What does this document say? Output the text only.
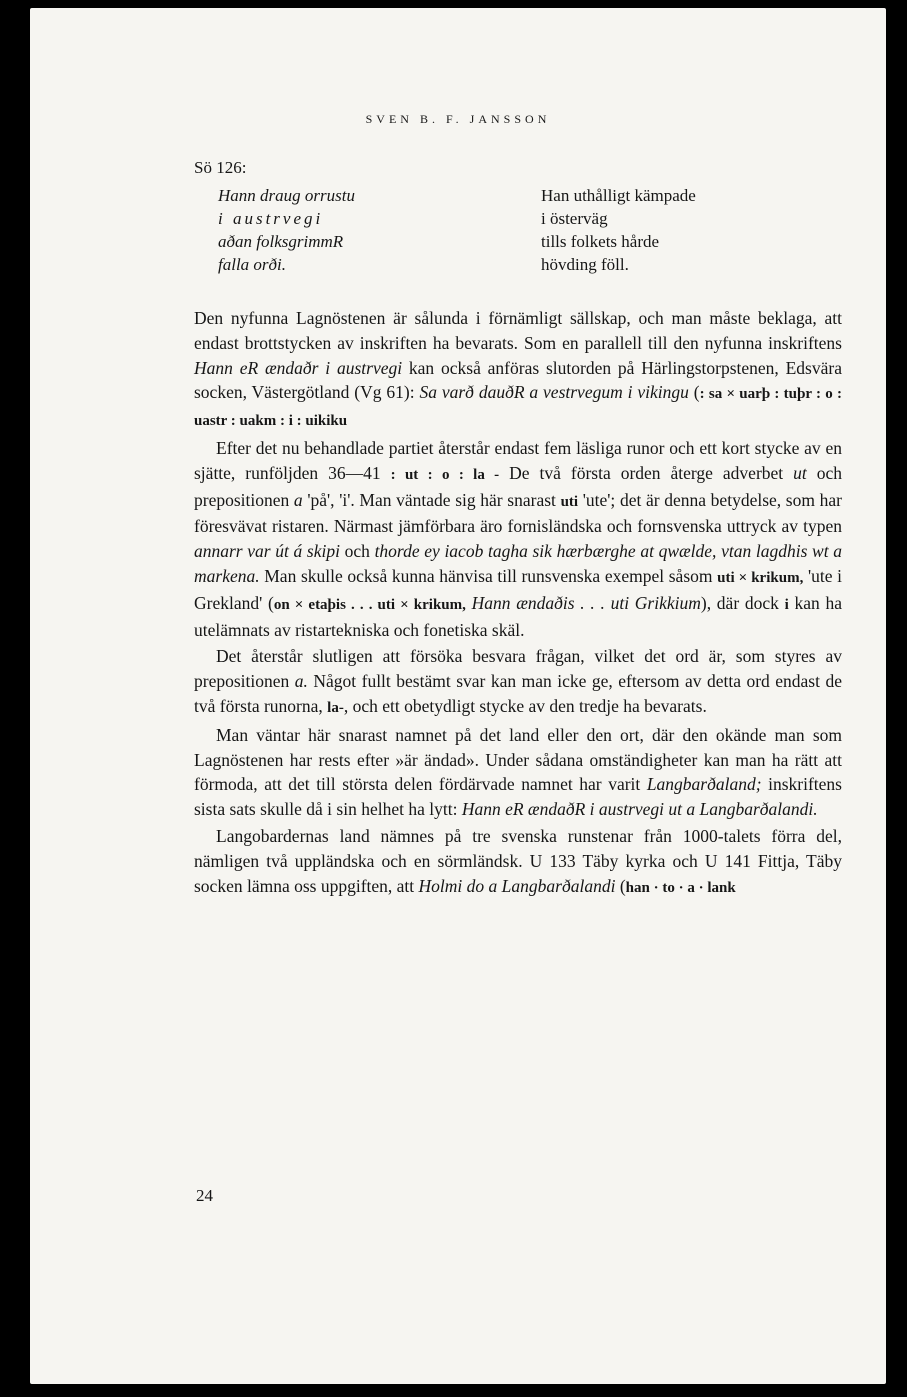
SVEN B. F. JANSSON
Sö 126:
Hann draug orrustu
i austrvegi
aðan folksgrimmR
falla orði.
Han uthålligt kämpade
i österväg
tills folkets hårde
hövding föll.

Den nyfunna Lagnöstenen är sålunda i förnämligt sällskap, och man måste beklaga, att endast brottstycken av inskriften ha bevarats. Som en parallell till den nyfunna inskriftens Hann eR ændaðr i austrvegi kan också anföras slutorden på Härlingstorpstenen, Edsvära socken, Västergötland (Vg 61): Sa varð dauðR a vestrvegum i vikingu (: sa × uarþ : tuþr : o : uastr : uakm : i : uikiku

Efter det nu behandlade partiet återstår endast fem läsliga runor och ett kort stycke av en sjätte, runföljden 36—41 : ut : o : la - De två första orden återge adverbet ut och prepositionen a 'på', 'i'. Man väntade sig här snarast uti 'ute'; det är denna betydelse, som har föresvävat ristaren. Närmast jämförbara äro fornisländska och fornsvenska uttryck av typen annarr var út á skipi och thorde ey iacob tagha sik hærbærghe at qwælde, vtan lagdhis wt a markena. Man skulle också kunna hänvisa till runsvenska exempel såsom uti × krikum, 'ute i Grekland' (on × etaþis . . . uti × krikum, Hann ændaðis . . . uti Grikkium), där dock i kan ha utelämnats av ristartekniska och fonetiska skäl.

Det återstår slutligen att försöka besvara frågan, vilket det ord är, som styres av prepositionen a. Något fullt bestämt svar kan man icke ge, eftersom av detta ord endast de två första runorna, la-, och ett obetydligt stycke av den tredje ha bevarats.

Man väntar här snarast namnet på det land eller den ort, där den okände man som Lagnöstenen har rests efter »är ändad». Under sådana omständigheter kan man ha rätt att förmoda, att det till största delen fördärvade namnet har varit Langbarðaland; inskriftens sista sats skulle då i sin helhet ha lytt: Hann eR ændaðR i austrvegi ut a Langbarðalandi.

Langobardernas land nämnes på tre svenska runstenar från 1000-talets förra del, nämligen två uppländska och en sörmländsk. U 133 Täby kyrka och U 141 Fittja, Täby socken lämna oss uppgiften, att Holmi do a Langbarðalandi (han · to · a · lank

24
